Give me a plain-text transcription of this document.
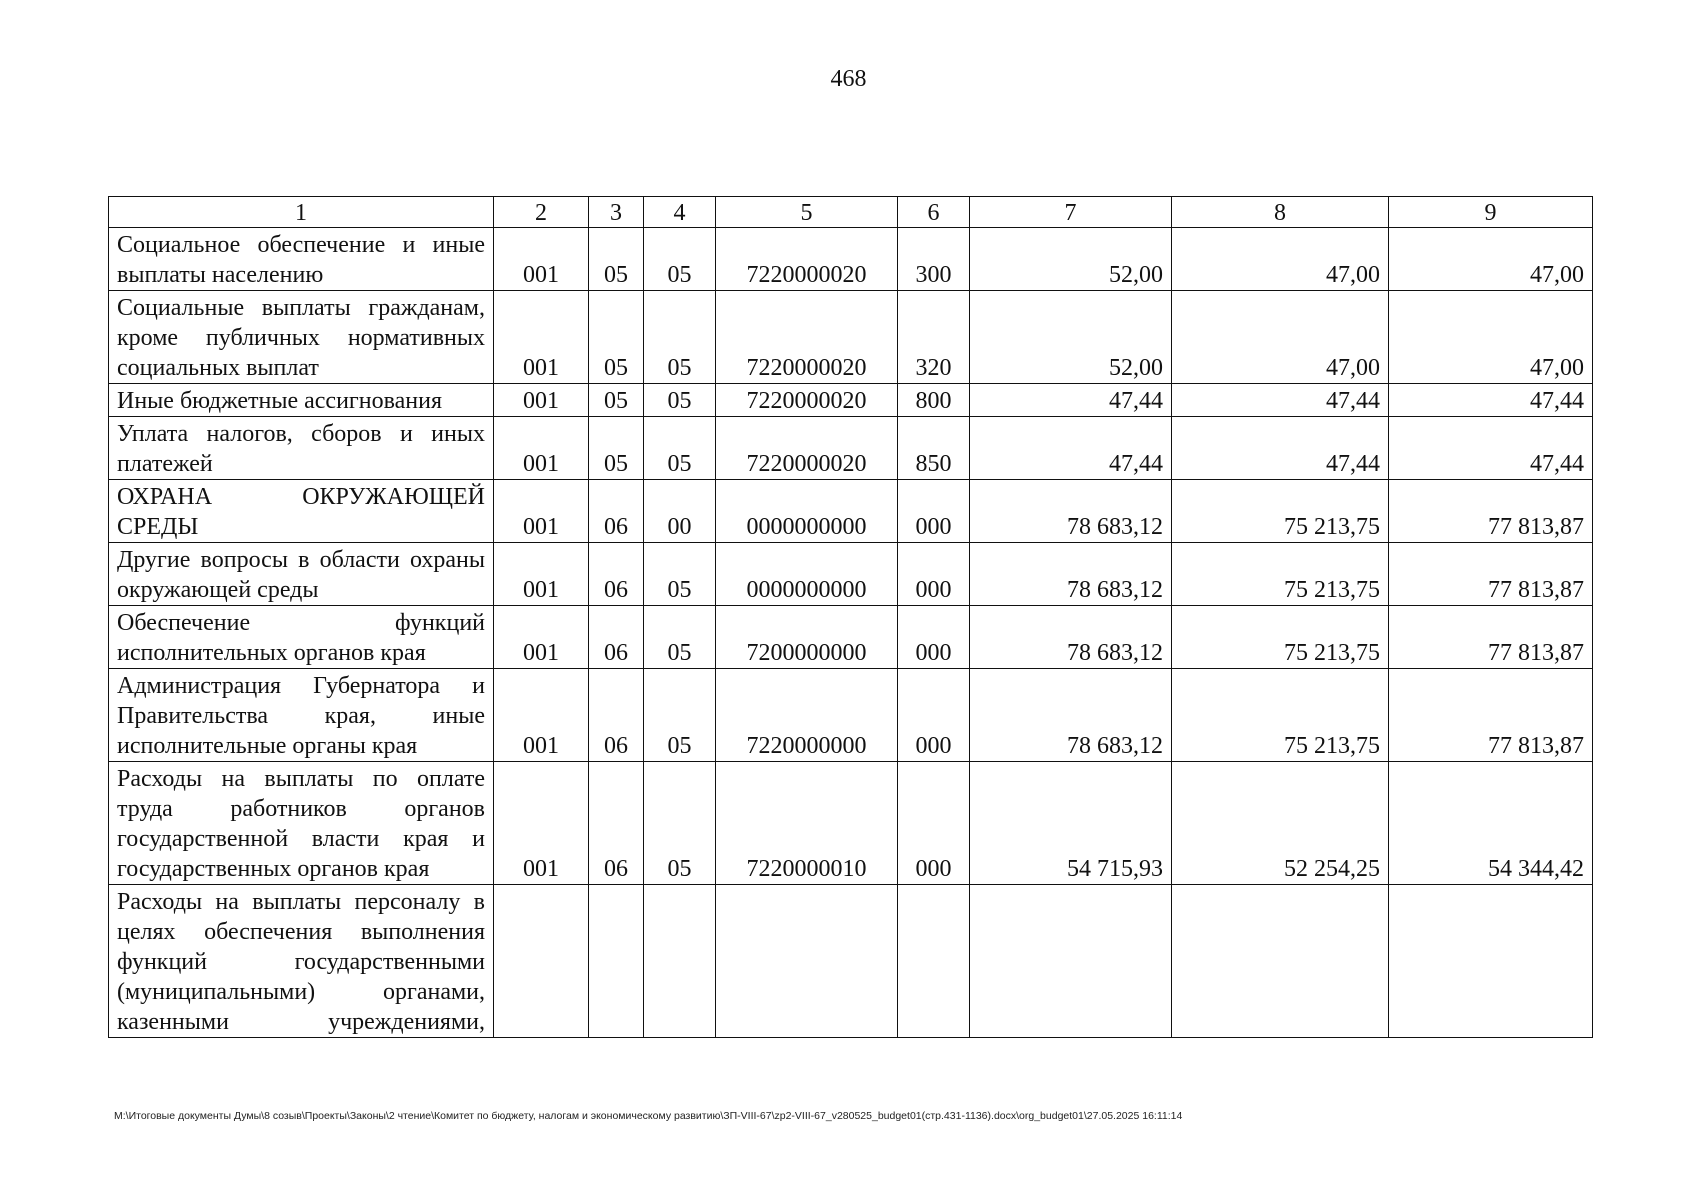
468
1	2	3	4	5	6	7	8	9
Социальное обеспечение и иные выплаты населению	001	05	05	7220000020	300	52,00	47,00	47,00
Социальные выплаты гражданам, кроме публичных нормативных социальных выплат	001	05	05	7220000020	320	52,00	47,00	47,00
Иные бюджетные ассигнования	001	05	05	7220000020	800	47,44	47,44	47,44
Уплата налогов, сборов и иных платежей	001	05	05	7220000020	850	47,44	47,44	47,44
ОХРАНА ОКРУЖАЮЩЕЙ СРЕДЫ	001	06	00	0000000000	000	78 683,12	75 213,75	77 813,87
Другие вопросы в области охраны окружающей среды	001	06	05	0000000000	000	78 683,12	75 213,75	77 813,87
Обеспечение функций исполнительных органов края	001	06	05	7200000000	000	78 683,12	75 213,75	77 813,87
Администрация Губернатора и Правительства края, иные исполнительные органы края	001	06	05	7220000000	000	78 683,12	75 213,75	77 813,87
Расходы на выплаты по оплате труда работников органов государственной власти края и государственных органов края	001	06	05	7220000010	000	54 715,93	52 254,25	54 344,42
Расходы на выплаты персоналу в целях обеспечения выполнения функций государственными (муниципальными) органами, казенными учреждениями,								
M:\Итоговые документы Думы\8 созыв\Проекты\Законы\2 чтение\Комитет по бюджету, налогам и экономическому развитию\ЗП-VIII-67\zp2-VIII-67_v280525_budget01(стр.431-1136).docx\org_budget01\27.05.2025 16:11:14
